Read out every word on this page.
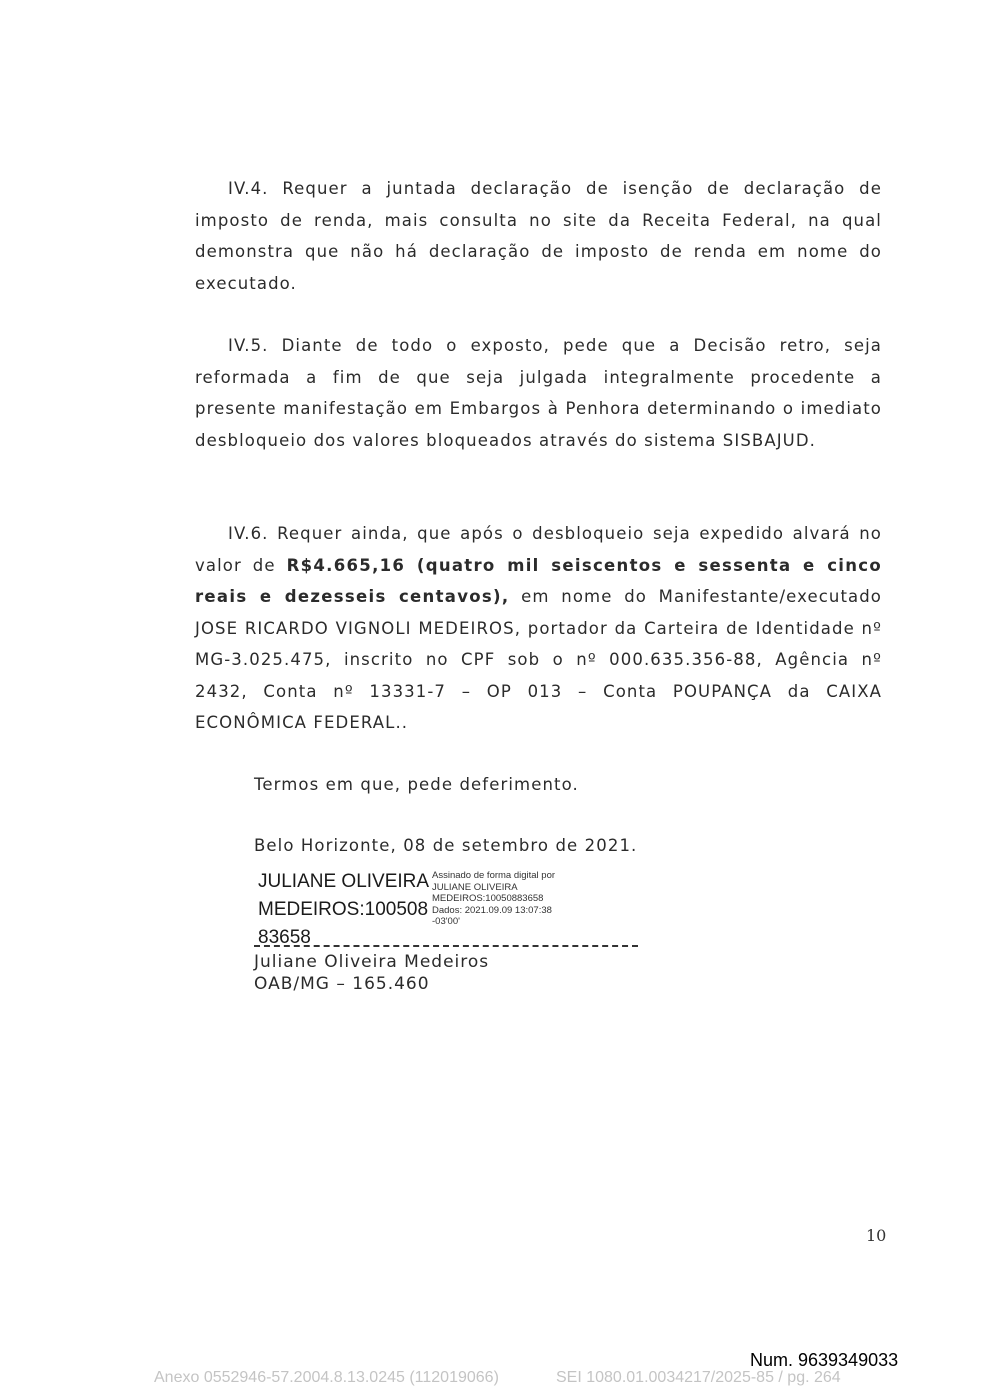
IV.4. Requer a juntada declaração de isenção de declaração de imposto de renda, mais consulta no site da Receita Federal, na qual demonstra que não há declaração de imposto de renda em nome do executado.

IV.5. Diante de todo o exposto, pede que a Decisão retro, seja reformada a fim de que seja julgada integralmente procedente a presente manifestação em Embargos à Penhora determinando o imediato desbloqueio dos valores bloqueados através do sistema SISBAJUD.

IV.6. Requer ainda, que após o desbloqueio seja expedido alvará no valor de R$4.665,16 (quatro mil seiscentos e sessenta e cinco reais e dezesseis centavos), em nome do Manifestante/executado JOSE RICARDO VIGNOLI MEDEIROS, portador da Carteira de Identidade nº MG-3.025.475, inscrito no CPF sob o nº 000.635.356-88, Agência nº 2432, Conta nº 13331-7 – OP 013 – Conta POUPANÇA da CAIXA ECONÔMICA FEDERAL..

Termos em que, pede deferimento.

Belo Horizonte, 08 de setembro de 2021.

JULIANE OLIVEIRA
MEDEIROS:100508
83658
Assinado de forma digital por
JULIANE OLIVEIRA
MEDEIROS:10050883658
Dados: 2021.09.09 13:07:38
-03'00'

Juliane Oliveira Medeiros

OAB/MG – 165.460

10
Num. 9639349033
Anexo 0552946-57.2004.8.13.0245 (112019066)	SEI 1080.01.0034217/2025-85 / pg. 264
